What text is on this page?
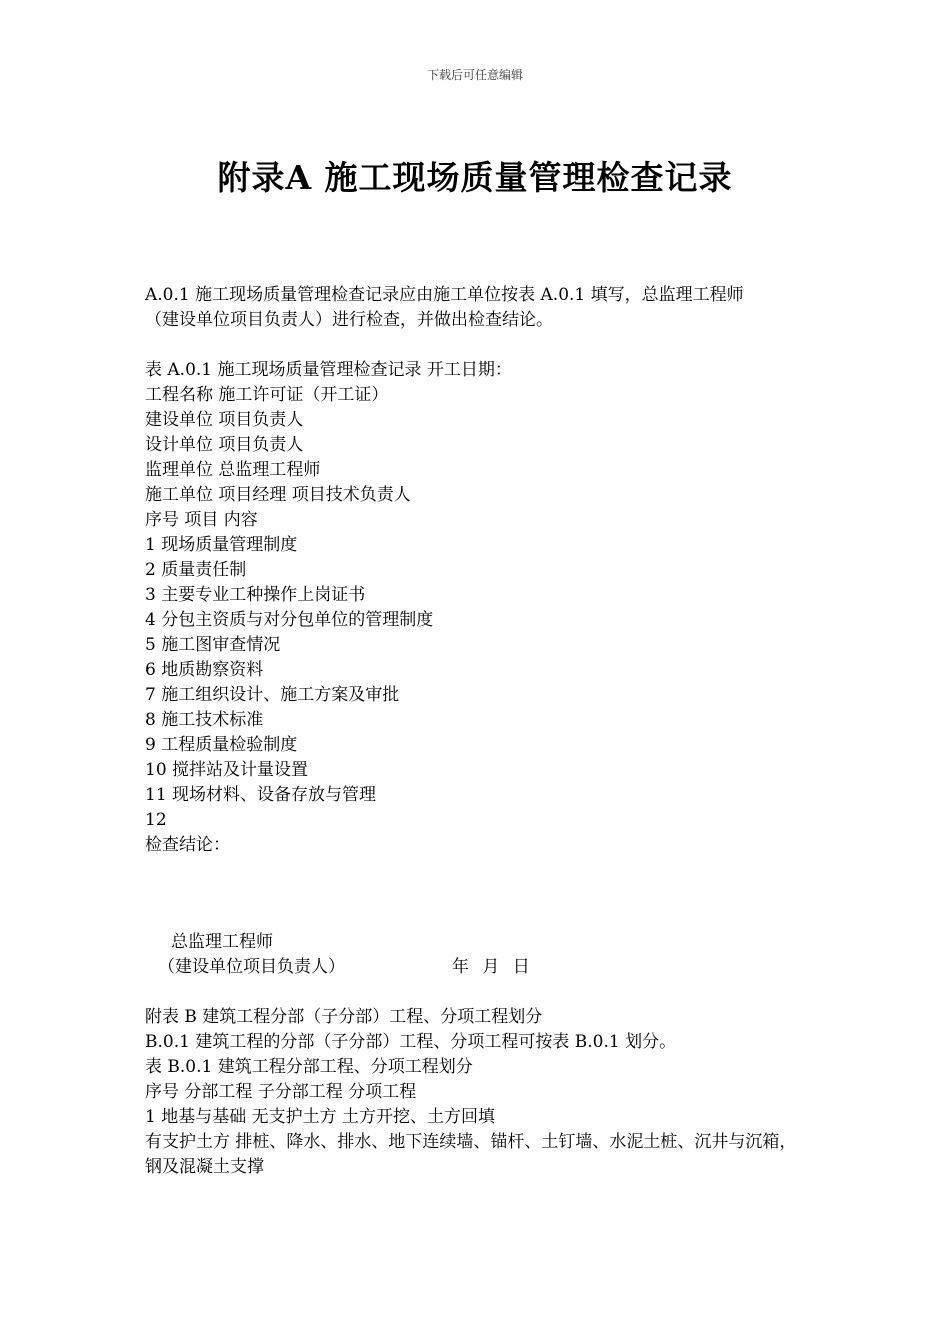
下载后可任意编辑
附录A 施工现场质量管理检查记录
A.0.1 施工现场质量管理检查记录应由施工单位按表 A.0.1 填写，总监理工程师
（建设单位项目负责人）进行检查，并做出检查结论。
表 A.0.1 施工现场质量管理检查记录 开工日期：
工程名称 施工许可证（开工证）
建设单位 项目负责人
设计单位 项目负责人
监理单位 总监理工程师
施工单位 项目经理 项目技术负责人
序号 项目 内容
1 现场质量管理制度
2 质量责任制
3 主要专业工种操作上岗证书
4 分包主资质与对分包单位的管理制度
5 施工图审查情况
6 地质勘察资料
7 施工组织设计、施工方案及审批
8 施工技术标准
9 工程质量检验制度
10 搅拌站及计量设置
11 现场材料、设备存放与管理
12
检查结论：
总监理工程师
（建设单位项目负责人）	年 月 日
附表 B 建筑工程分部（子分部）工程、分项工程划分
B.0.1 建筑工程的分部（子分部）工程、分项工程可按表 B.0.1 划分。
表 B.0.1 建筑工程分部工程、分项工程划分
序号 分部工程 子分部工程 分项工程
1 地基与基础 无支护土方 土方开挖、土方回填
有支护土方 排桩、降水、排水、地下连续墙、锚杆、土钉墙、水泥土桩、沉井与沉箱，钢及混凝土支撑
